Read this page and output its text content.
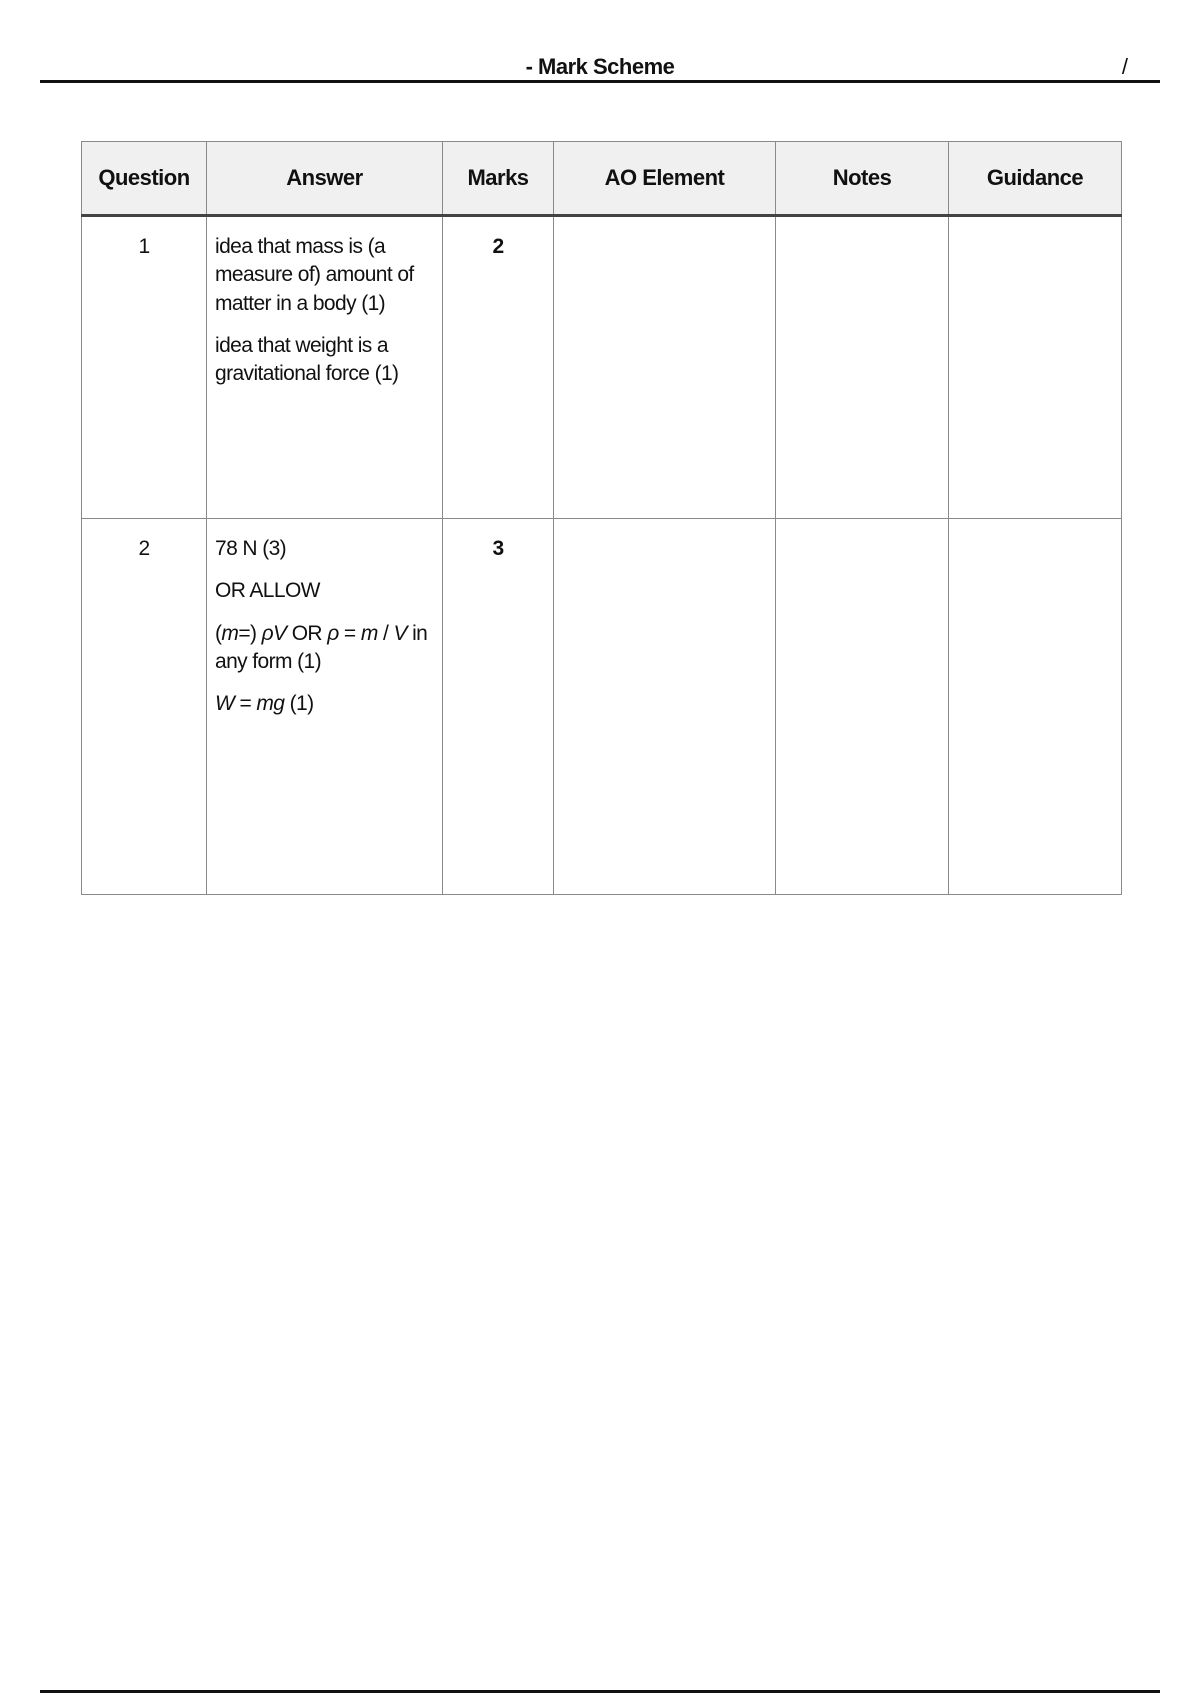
- Mark Scheme	/
Question	Answer	Marks	AO Element	Notes	Guidance
1	idea that mass is (a measure of) amount of matter in a body (1)

idea that weight is a gravitational force (1)	2			
2	78 N (3)

OR ALLOW

(m=) ρV OR ρ = m / V in any form (1)

W = mg (1)	3			
